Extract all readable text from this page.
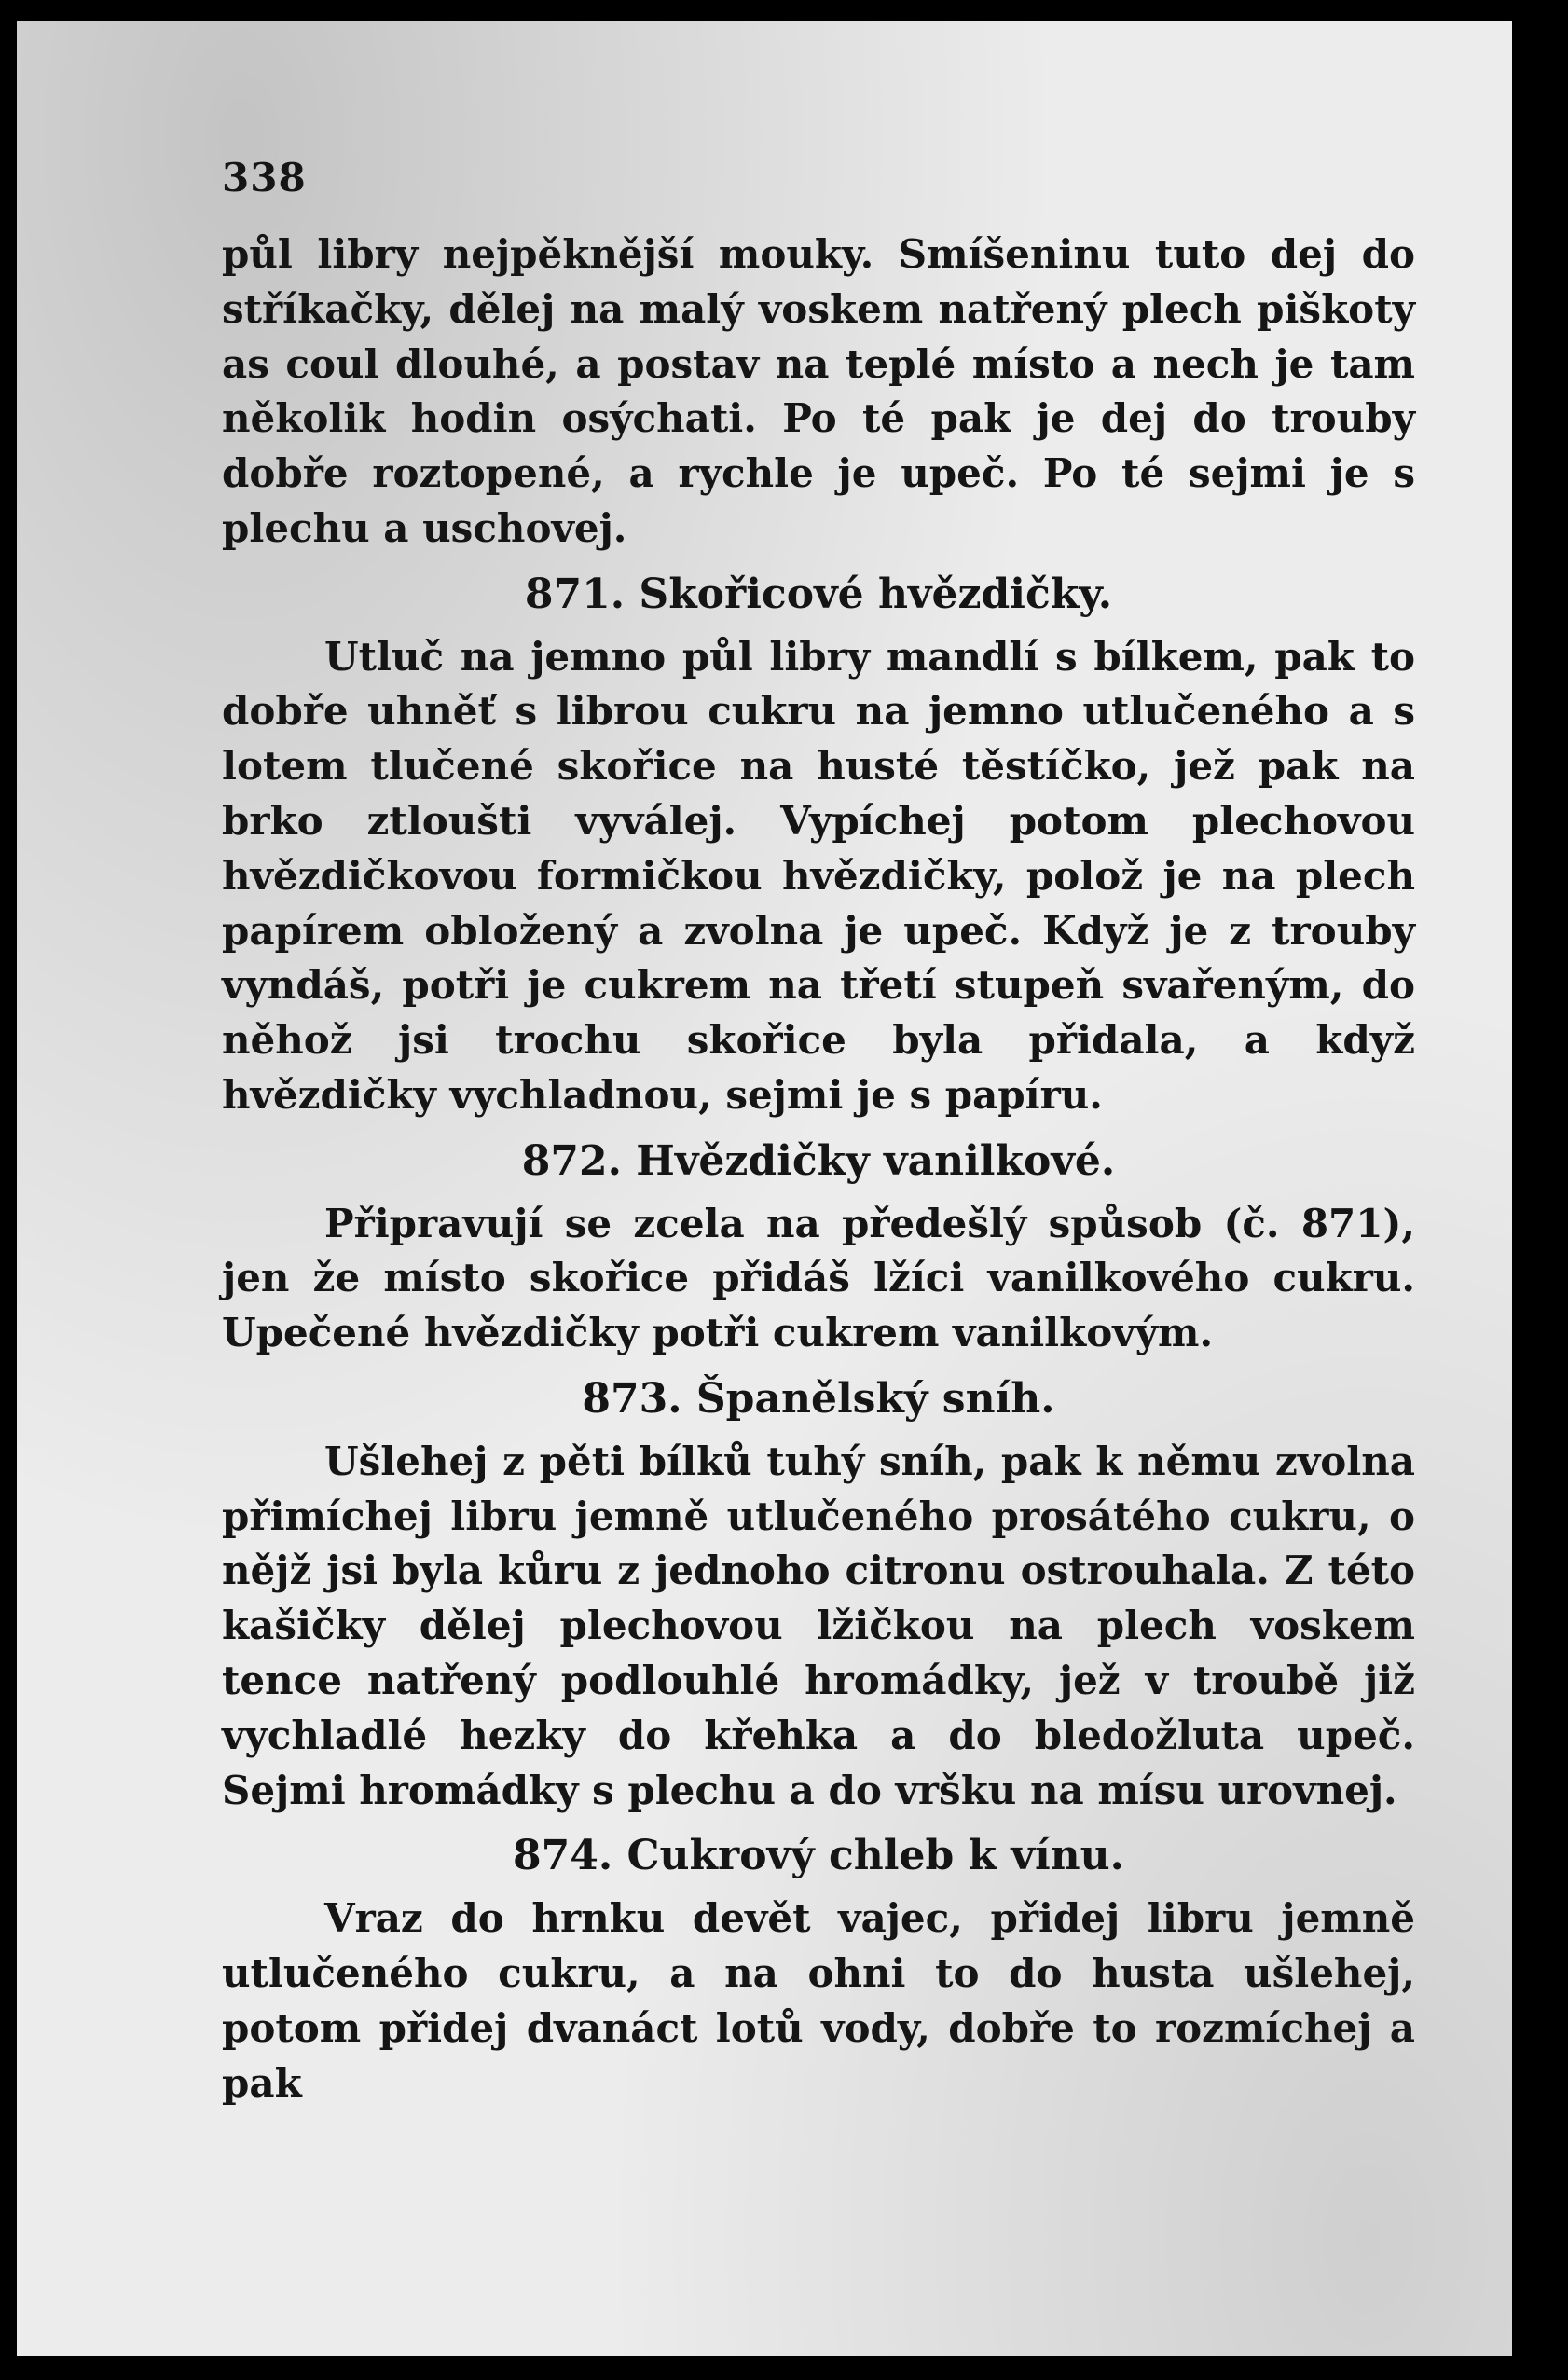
338

půl libry nejpěknější mouky. Smíšeninu tuto dej do stříkačky, dělej na malý voskem natřený plech piškoty as coul dlouhé, a postav na teplé místo a nech je tam několik hodin osýchati. Po té pak je dej do trouby dobře roztopené, a rychle je upeč. Po té sejmi je s plechu a uschovej.

871. Skořicové hvězdičky.

Utluč na jemno půl libry mandlí s bílkem, pak to dobře uhněť s librou cukru na jemno utlučeného a s lotem tlučené skořice na husté těstíčko, jež pak na brko ztloušti vyválej. Vypíchej potom plechovou hvězdičkovou formičkou hvězdičky, polož je na plech papírem obložený a zvolna je upeč. Když je z trouby vyndáš, potři je cukrem na třetí stupeň svařeným, do něhož jsi trochu skořice byla přidala, a když hvězdičky vychladnou, sejmi je s papíru.

872. Hvězdičky vanilkové.

Připravují se zcela na předešlý spůsob (č. 871), jen že místo skořice přidáš lžíci vanilkového cukru. Upečené hvězdičky potři cukrem vanilkovým.

873. Španělský sníh.

Ušlehej z pěti bílků tuhý sníh, pak k němu zvolna přimíchej libru jemně utlučeného prosátého cukru, o nějž jsi byla kůru z jednoho citronu ostrouhala. Z této kašičky dělej plechovou lžičkou na plech voskem tence natřený podlouhlé hromádky, jež v troubě již vychladlé hezky do křehka a do bledožluta upeč. Sejmi hromádky s plechu a do vršku na mísu urovnej.

874. Cukrový chleb k vínu.

Vraz do hrnku devět vajec, přidej libru jemně utlučeného cukru, a na ohni to do husta ušlehej, potom přidej dvanáct lotů vody, dobře to rozmíchej a pak
